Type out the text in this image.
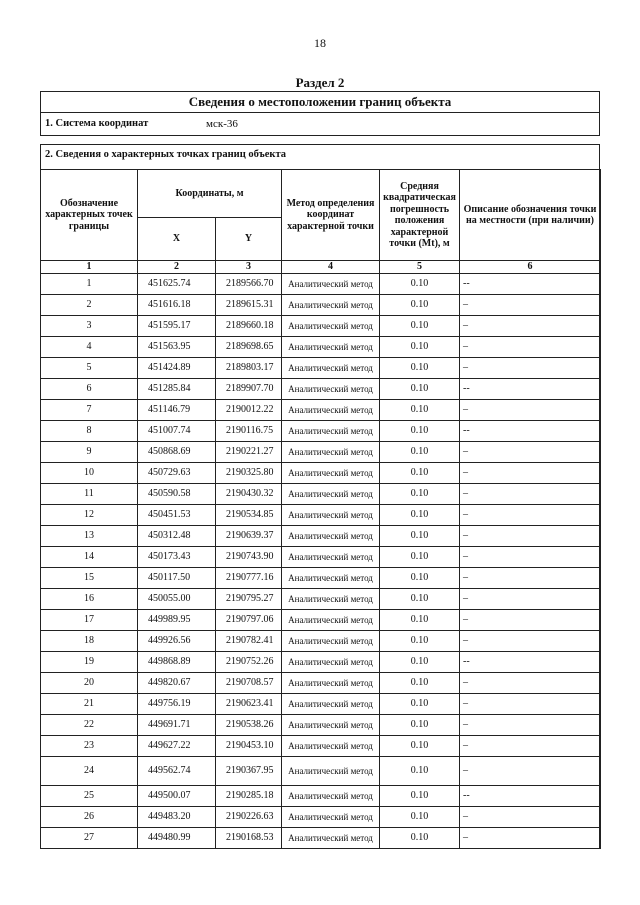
18
Раздел 2
Сведения о местоположении границ объекта
1. Система координат	мск-36
2. Сведения о характерных точках границ объекта
Обозначение характерных точек границы	Координаты, м		Метод определения координат характерной точки	Средняя квадратическая погрешность положения характерной точки (Mt), м	Описание обозначения точки на местности (при наличии)
	X	Y			
1	2	3	4	5	6
1	451625.74	2189566.70	Аналитический метод	0.10	--
2	451616.18	2189615.31	Аналитический метод	0.10	–
3	451595.17	2189660.18	Аналитический метод	0.10	–
4	451563.95	2189698.65	Аналитический метод	0.10	–
5	451424.89	2189803.17	Аналитический метод	0.10	–
6	451285.84	2189907.70	Аналитический метод	0.10	--
7	451146.79	2190012.22	Аналитический метод	0.10	–
8	451007.74	2190116.75	Аналитический метод	0.10	--
9	450868.69	2190221.27	Аналитический метод	0.10	–
10	450729.63	2190325.80	Аналитический метод	0.10	–
11	450590.58	2190430.32	Аналитический метод	0.10	–
12	450451.53	2190534.85	Аналитический метод	0.10	–
13	450312.48	2190639.37	Аналитический метод	0.10	–
14	450173.43	2190743.90	Аналитический метод	0.10	–
15	450117.50	2190777.16	Аналитический метод	0.10	–
16	450055.00	2190795.27	Аналитический метод	0.10	–
17	449989.95	2190797.06	Аналитический метод	0.10	–
18	449926.56	2190782.41	Аналитический метод	0.10	–
19	449868.89	2190752.26	Аналитический метод	0.10	--
20	449820.67	2190708.57	Аналитический метод	0.10	–
21	449756.19	2190623.41	Аналитический метод	0.10	–
22	449691.71	2190538.26	Аналитический метод	0.10	–
23	449627.22	2190453.10	Аналитический метод	0.10	–
24	449562.74	2190367.95	Аналитический метод	0.10	–
25	449500.07	2190285.18	Аналитический метод	0.10	--
26	449483.20	2190226.63	Аналитический метод	0.10	–
27	449480.99	2190168.53	Аналитический метод	0.10	–
